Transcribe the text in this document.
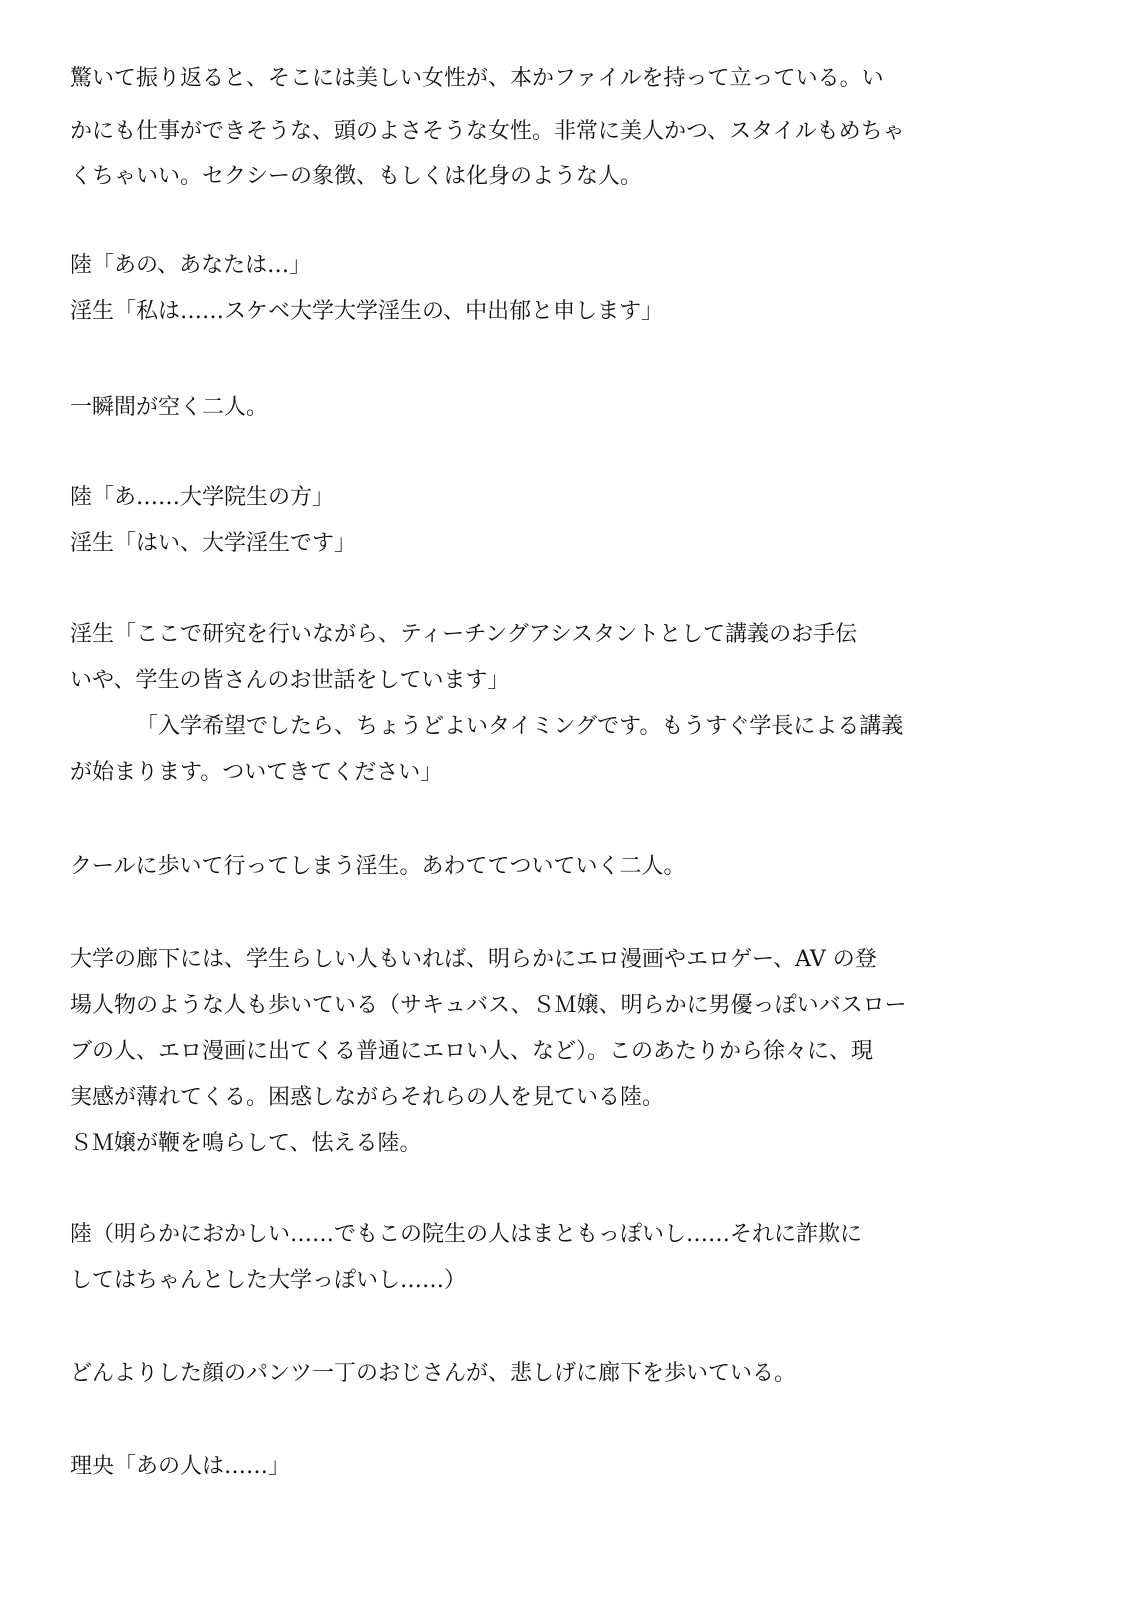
驚いて振り返ると、そこには美しい女性が、本かファイルを持って立っている。い

かにも仕事ができそうな、頭のよさそうな女性。非常に美人かつ、スタイルもめちゃ

くちゃいい。セクシーの象徴、もしくは化身のような人。

陸「あの、あなたは…」

淫生「私は……スケベ大学大学淫生の、中出郁と申します」

一瞬間が空く二人。

陸「あ……大学院生の方」

淫生「はい、大学淫生です」

淫生「ここで研究を行いながら、ティーチングアシスタントとして講義のお手伝

いや、学生の皆さんのお世話をしています」

「入学希望でしたら、ちょうどよいタイミングです。もうすぐ学長による講義

が始まります。ついてきてください」

クールに歩いて行ってしまう淫生。あわててついていく二人。

大学の廊下には、学生らしい人もいれば、明らかにエロ漫画やエロゲー、AV の登

場人物のような人も歩いている（サキュバス、ＳＭ嬢、明らかに男優っぽいバスロー

ブの人、エロ漫画に出てくる普通にエロい人、など）。このあたりから徐々に、現

実感が薄れてくる。困惑しながらそれらの人を見ている陸。

ＳＭ嬢が鞭を鳴らして、怯える陸。

陸（明らかにおかしい……でもこの院生の人はまともっぽいし……それに詐欺に

してはちゃんとした大学っぽいし……）

どんよりした顔のパンツ一丁のおじさんが、悲しげに廊下を歩いている。

理央「あの人は……」
